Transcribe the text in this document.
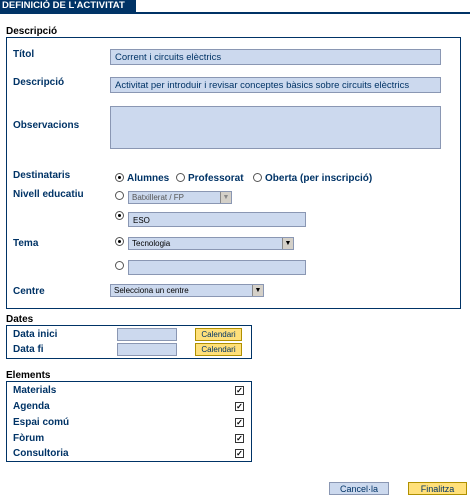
DEFINICIÓ DE L'ACTIVITAT
Descripció
Títol	Corrent i circuits elèctrics
Descripció	Activitat per introduir i revisar conceptes bàsics sobre circuits elèctrics
Observacions
Destinataris	Alumnes Professorat Oberta (per inscripció)
Nivell educatiu	Batxillerat / FP	▼
ESO
Tema	Tecnologia	▼
Centre	Selecciona un centre	▼
Dates
Data inici	Calendari
Data fi	Calendari
Elements
Materials	✓
Agenda	✓
Espai comú	✓
Fòrum	✓
Consultoria	✓
Cancel·la	Finalitza
